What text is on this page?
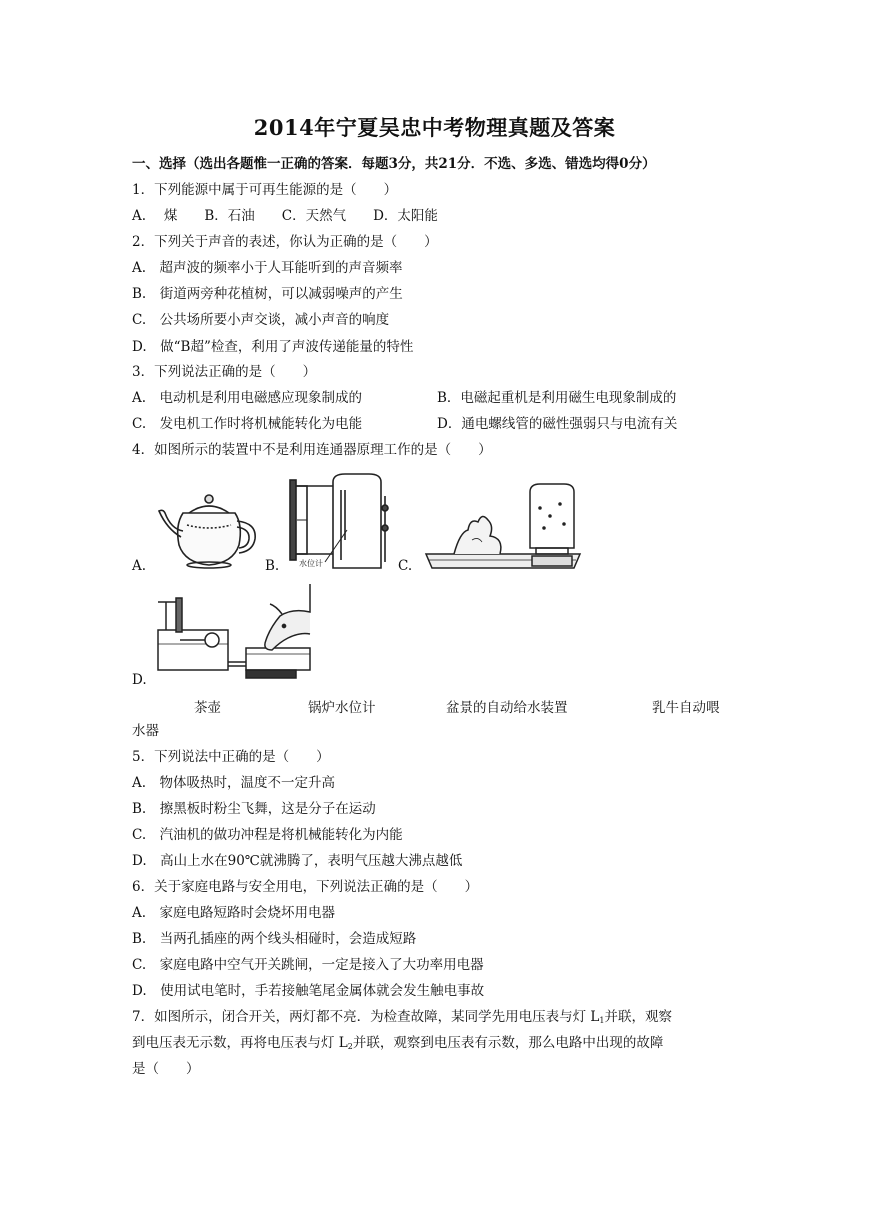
2014年宁夏吴忠中考物理真题及答案
一、选择（选出各题惟一正确的答案．每题3分，共21分．不选、多选、错选均得0分）
1．下列能源中属于可再生能源的是（　　）
A.　 煤　　B．石油　　C．天然气　　D．太阳能
2．下列关于声音的表述，你认为正确的是（　　）
A.　超声波的频率小于人耳能听到的声音频率
B.　街道两旁种花植树，可以减弱噪声的产生
C.　公共场所要小声交谈，减小声音的响度
D.　做“B超”检查，利用了声波传递能量的特性
3．下列说法正确的是（　　）
A.　电动机是利用电磁感应现象制成的	B．电磁起重机是利用磁生电现象制成的
C.　发电机工作时将机械能转化为电能	D．通电螺线管的磁性强弱只与电流有关
4．如图所示的装置中不是利用连通器原理工作的是（　　）
A.	B. 水位计	C.
D.
茶壶	锅炉水位计	盆景的自动给水装置	乳牛自动喂
水器
5．下列说法中正确的是（　　）
A.　物体吸热时，温度不一定升高
B.　擦黑板时粉尘飞舞，这是分子在运动
C.　汽油机的做功冲程是将机械能转化为内能
D.　高山上水在90℃就沸腾了，表明气压越大沸点越低
6．关于家庭电路与安全用电，下列说法正确的是（　　）
A.　家庭电路短路时会烧坏用电器
B.　当两孔插座的两个线头相碰时，会造成短路
C.　家庭电路中空气开关跳闸，一定是接入了大功率用电器
D.　使用试电笔时，手若接触笔尾金属体就会发生触电事故
7．如图所示，闭合开关，两灯都不亮．为检查故障，某同学先用电压表与灯 $L_1$并联，观察
到电压表无示数，再将电压表与灯 $L_2$并联，观察到电压表有示数，那么电路中出现的故障
是（　　）
